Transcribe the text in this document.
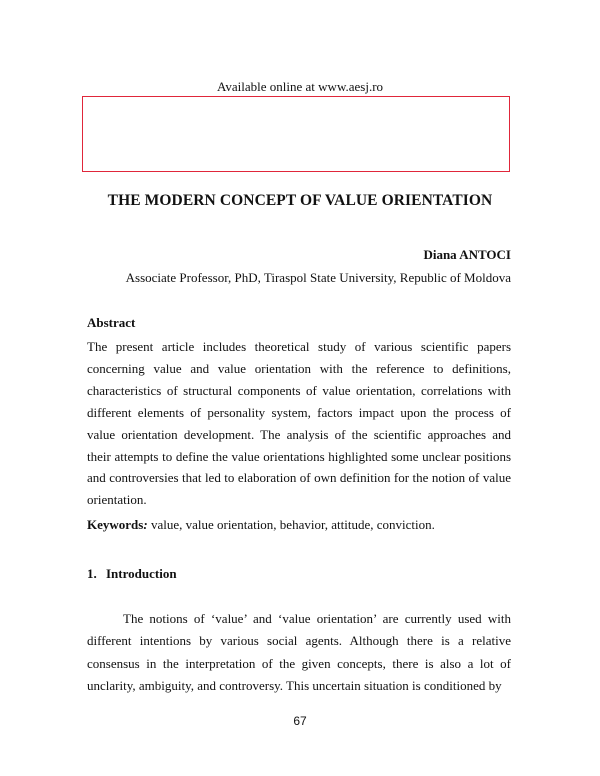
Available online at www.aesj.ro
THE MODERN CONCEPT OF VALUE ORIENTATION
Diana ANTOCI
Associate Professor, PhD, Tiraspol State University, Republic of Moldova
Abstract
The present article includes theoretical study of various scientific papers concerning value and value orientation with the reference to definitions, characteristics of structural components of value orientation, correlations with different elements of personality system, factors impact upon the process of value orientation development. The analysis of the scientific approaches and their attempts to define the value orientations highlighted some unclear positions and controversies that led to elaboration of own definition for the notion of value orientation.
Keywords: value, value orientation, behavior, attitude, conviction.
1. Introduction
The notions of ‘value’ and ‘value orientation’ are currently used with different intentions by various social agents. Although there is a relative consensus in the interpretation of the given concepts, there is also a lot of unclarity, ambiguity, and controversy. This uncertain situation is conditioned by
67
